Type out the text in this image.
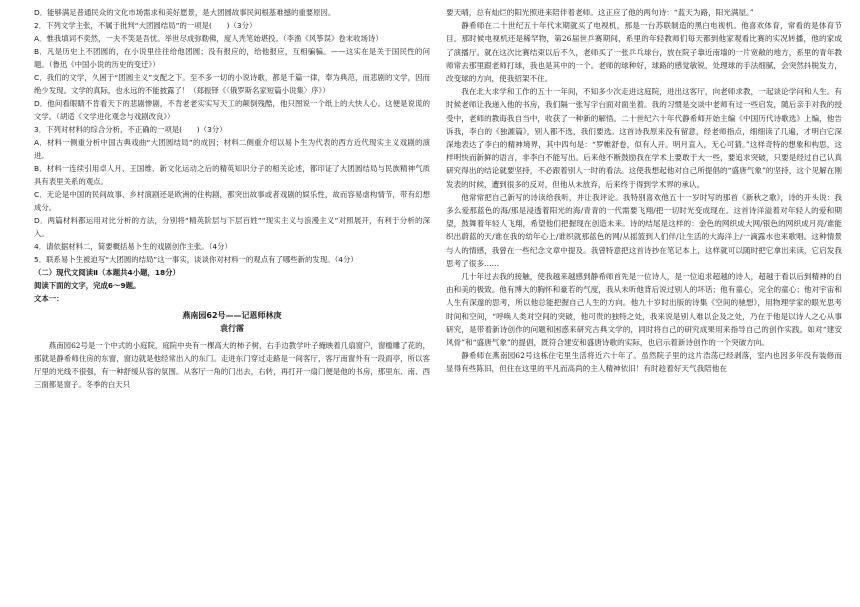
D．能够满足普通民众的文化市场需求和美好愿景，是大团圆故事民间根基难撼的重要原因。

2．下列文学主张，不属于批判“大团圆结局”的一项是(　　)（3分）

A．惟我填词不奕然，一夫不笑是吾忧。举世尽成弥勒佛，度人秃笔始堪投。（李渔《风筝误》卷末收场诗）

B．凡是历史上不团圆的，在小说里往往给他团圆；没有报应的，给他报应，互相骗骗。——这实在是关于国民性的问题。（鲁迅《中国小说的历史的变迁》）

C．我们的文学，久困于“团圆主义”支配之下。至不多一切的小说诗歌，都是千篇一律，奉为典范，而悲剧的文学，因而绝少发现。文学的真际，也永远的不能披露了！（郑振铎《〈俄罗斯名家短篇小说集〉序》）

D．他问看眼睛不肯看天下的悲剧惨剧，不肯老老实实写天工的颠倒残酷，他只图说一个纸上的大快人心。这便是说谎的文学。（胡适《文学进化观念与戏剧改良》）

3．下列对材料的综合分析，不正确的一项是(　　)（3分）

A．材料一侧重分析中国古典戏曲“大团圆结局”的成因；材料二侧重介绍以易卜生为代表的西方近代现实主义戏剧的演进。

B．材料一连续引用卓人月、王国维、新文化运动之后的精英知识分子的相关论述，都印证了大团圆结局与民族精神气质具有表里关系的观点。

C．无论是中国的民间故事、乡村演剧还是欧洲的住构剧，都突出故事或者戏剧的娱乐性，故而容易虐构情节，带有幻想成分。

D．两篇材料都运用对比分析的方法，分别将“精英阶层与下层百姓”“现实主义与浪漫主义”对照展开，有利于分析的深入。

4．请依据材料二，简要概括易卜生的戏剧创作主张。（4分）

5．联系易卜生被迫写“大团圆的结局”这一事实，谈谈你对材料一的观点有了哪些新的发现。（4分）

（二）现代文阅读Ⅱ（本题共4小题，18分）

阅读下面的文字，完成6～9题。

文本一：

燕南园62号——记恩师林庚

袁行霈

燕南园62号是一个中式的小庭院，庭院中央有一棵高大的柿子树，右手边教学叶子掩映着几扇窗户，窗槛雕了花的，那就是静希师住房的东窗，窗边就是他经常出入的东门。走进东门穿过走路是一间客厅，客厅南窗外有一段雨亭，所以客厅里的光线不很强，有一种舒缓从容的氛围。从客厅一角的门出去，右转，再打开一扇门便是他的书房，那里东、南、西三面都是窗子。冬季的白天只

要天晴，总有灿烂的阳光照进来陪伴着老师。这正应了他的两句诗：“蓝天为路，阳光满屋。”

静希师在二十世纪五十年代末期就买了电视机，那是一台苏联制造的黑白电视机。他喜欢体育，常看的是体育节目。那时候电视机还是稀罕物，第26届世乒赛期间，系里的年轻教师们每天都到他家观看比赛的实况转播，他的家成了演播厅。就在这次比赛结束以后不久，老师买了一张乒乓球台，放在院子靠近南墙的一片宽敞的地方，系里的青年教师常去那里跟老师打球，我也是其中的一个。老师的球种好，球路的感觉敏锐，处理球的手法细腻，会突然抖脱发力，改变球的方向，使我招架不住。

我在北大求学和工作的五十一年间，不知多少次走进这庭院，进出这客厅，向老师求教，一起谈论学问和人生。有时候老师让我递入他的书房，我们隔一张写字台面对面坐着。我的习惯是交谈中老师有过一些启发，随后亲手对我的授受中，老师的教诲我自当中，收获了一种新的解悟。二十世纪六十年代静希师开始主编《中国历代诗歌选》上编，他告诉我，李白的《独漉篇》，别人都不选，我们要选。这首诗我原来没有留意，经老师指点，细细读了几遍，才明白它深深地表达了李白的精神境界，其中四句是：“罗帷舒卷，似有人开。明月直入，无心可猜。”这样奇特的想象和构思，这样明快而新鲜的语言，非李白不能写出。后来他不断鼓励我在学术上要敢于大一些，要追求突破，只要是经过自己认真研究得出的结论就要坚持，不必跟着别人一时的看法。这使我想起他对自己所提倡的“盛唐气象”的坚持，这个见解在刚发表的时候，遭到很多的反对，但他从未放弃，后来终于得到学术界的承认。

他常常把自己新写的诗读给我听，并让我评论。我特别喜欢他五十一岁时写的那首《新秋之歌》，诗的开头说：我多么爱那蓝色的海/那是浸透着阳光的海/青青的一代需要飞翔/把一切时光变成现在。这首诗洋溢着对年轻人的爱和期望，鼓舞着年轻人飞翔，希望他们把握现在创造未来。诗的结尾是这样的：金色的网织成大网/银色的网织成月亮/谁能织出蔚蓝的天/谁在我的幼年心上/谁织就那蓝色的网/从摇篮到人们伴/让生活的大海洋上/一滴露水也来歌唱。这种情景与人的情感，我曾在一些纪念文章中提及。我曾特意把这首诗抄在笔记本上，这样就可以随时把它拿出来读，它启发我思考了很多……

几十年过去我的接触，使我越来越感到静希师首先是一位诗人，是一位追求超越的诗人，超越于看以后到精神的自由和美的极致。他有博大的胸怀和豪若的气度，我从未听他背后说过别人的坏话；他有童心，完全的童心；他对宇宙和人生有深邃的思考，所以他总能把握自己人生的方向。他九十岁时出版的诗集《空间的驰想》，用物理学家的眼光思考时间和空间，“呼唤人类对空间的突破，他可贵的独特之处，我来说是别人难以企及之处，乃在于他是以诗人之心从事研究，是带着新诗创作的问题和困惑来研究古典文学的，同时将自己的研究成果用来指导自己的创作实践。如对“建安风骨”和“盛唐气象”的提倡，既符合建安和盛唐诗歌的实际，也启示着新诗创作的一个突破方向。

静希师在燕南园62号这栋住宅里生活将近六十年了。虽然院子里的这片浩荡已经剥落，室内也因多年没有装修而显得有些陈旧，但住在这里的平凡而高尚的主人精神依旧！有时趁着好天气我陪他在
